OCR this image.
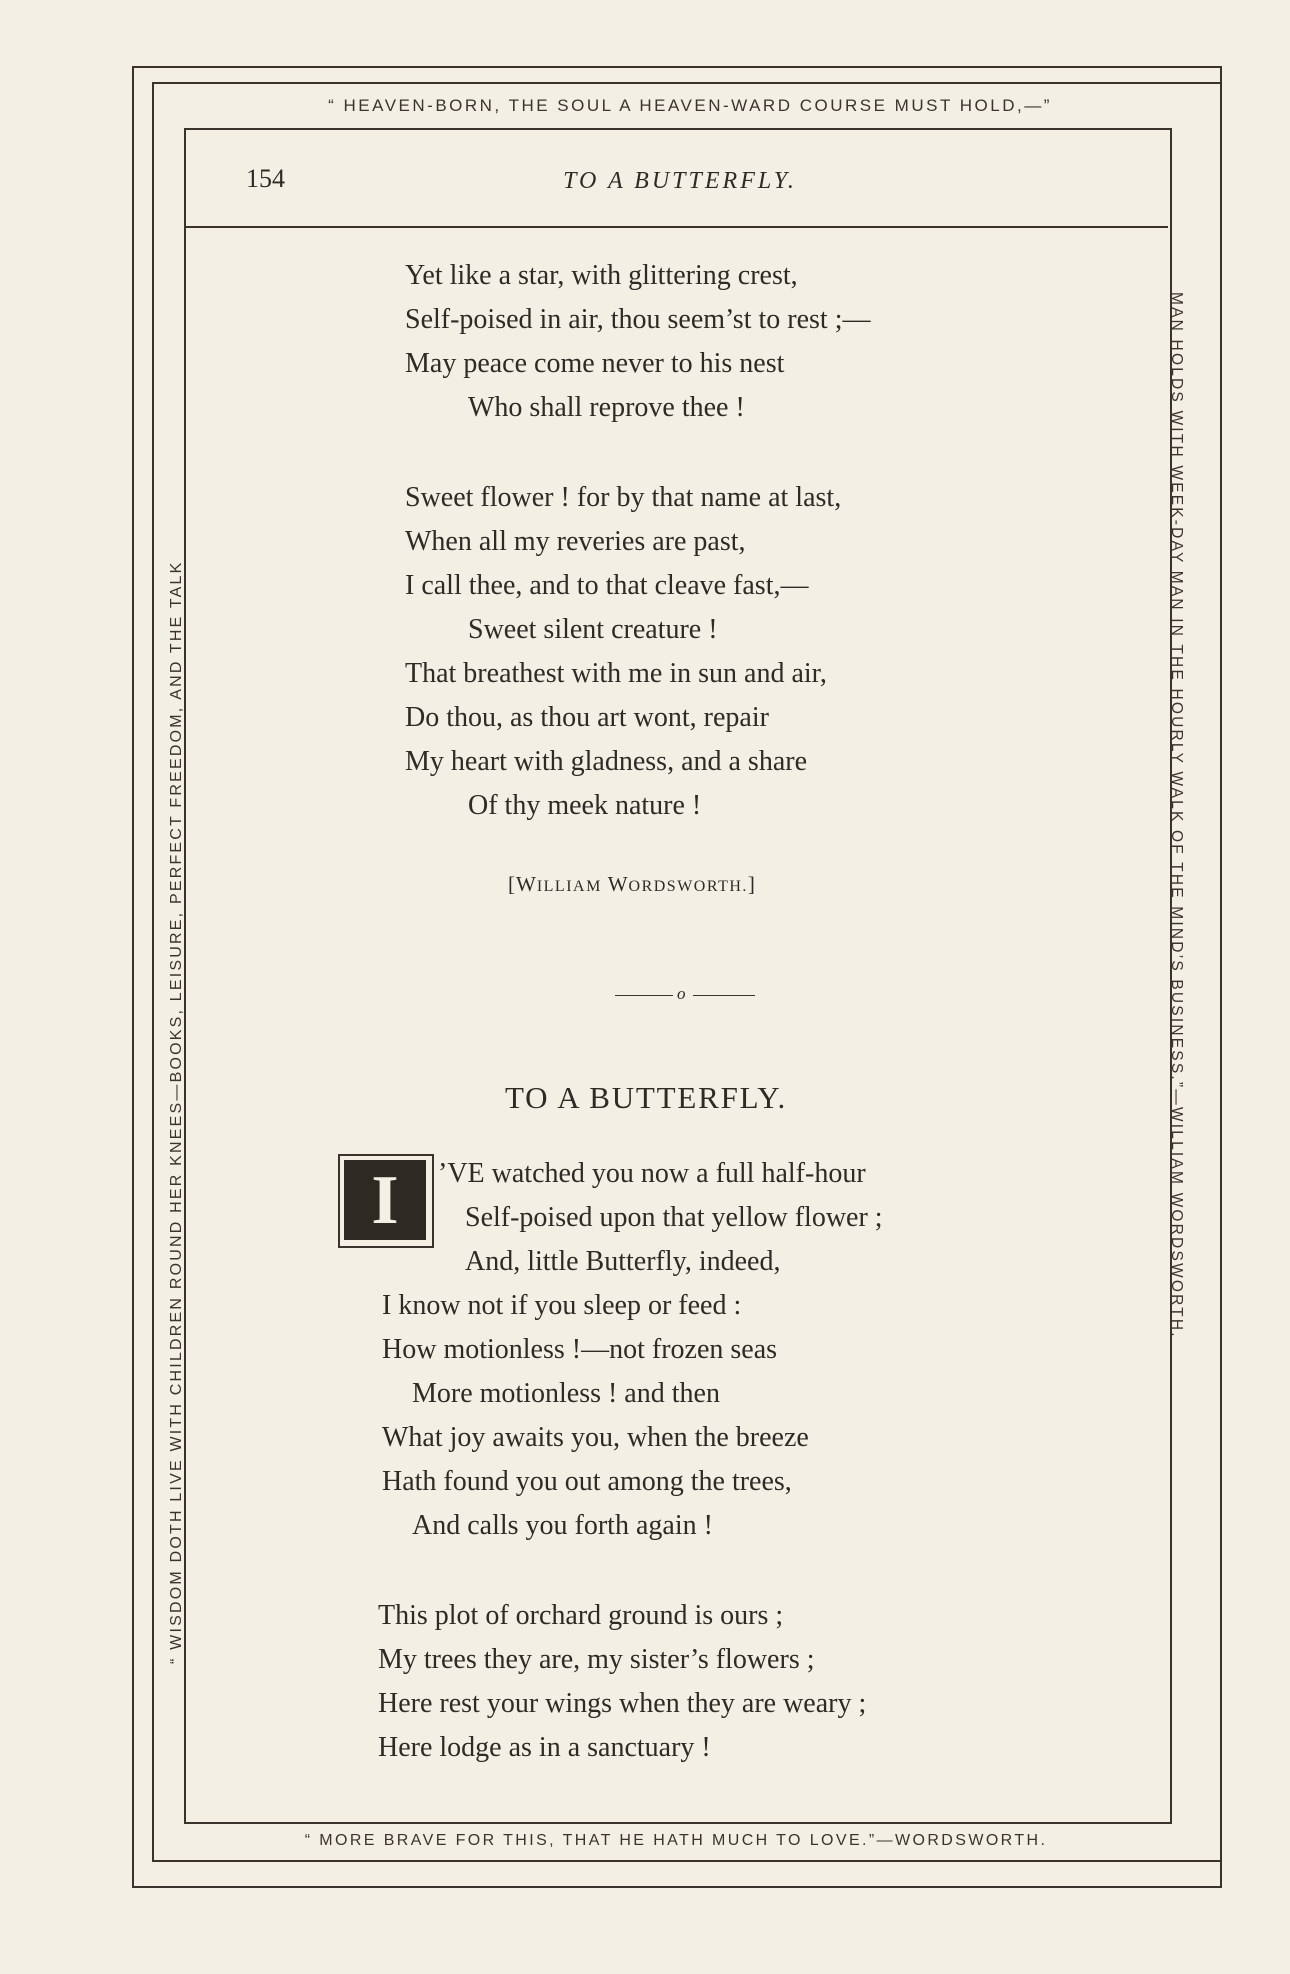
“ HEAVEN-BORN, THE SOUL A HEAVEN-WARD COURSE MUST HOLD,—”
“ MORE BRAVE FOR THIS, THAT HE HATH MUCH TO LOVE.”—WORDSWORTH.
“ WISDOM DOTH LIVE WITH CHILDREN ROUND HER KNEES—BOOKS, LEISURE, PERFECT FREEDOM, AND THE TALK	MAN HOLDS WITH WEEK-DAY MAN IN THE HOURLY WALK OF THE MIND’S BUSINESS.”—WILLIAM WORDSWORTH.
154	TO A BUTTERFLY.
Yet like a star, with glittering crest,
Self-poised in air, thou seem’st to rest ;—
May peace come never to his nest
Who shall reprove thee !
Sweet flower ! for by that name at last,
When all my reveries are past,
I call thee, and to that cleave fast,—
Sweet silent creature !
That breathest with me in sun and air,
Do thou, as thou art wont, repair
My heart with gladness, and a share
Of thy meek nature !
[WILLIAM WORDSWORTH.]
o
TO A BUTTERFLY.
I	’VE watched you now a full half-hour
Self-poised upon that yellow flower ;
And, little Butterfly, indeed,
I know not if you sleep or feed :
How motionless !—not frozen seas
More motionless ! and then
What joy awaits you, when the breeze
Hath found you out among the trees,
And calls you forth again !
This plot of orchard ground is ours ;
My trees they are, my sister’s flowers ;
Here rest your wings when they are weary ;
Here lodge as in a sanctuary !
